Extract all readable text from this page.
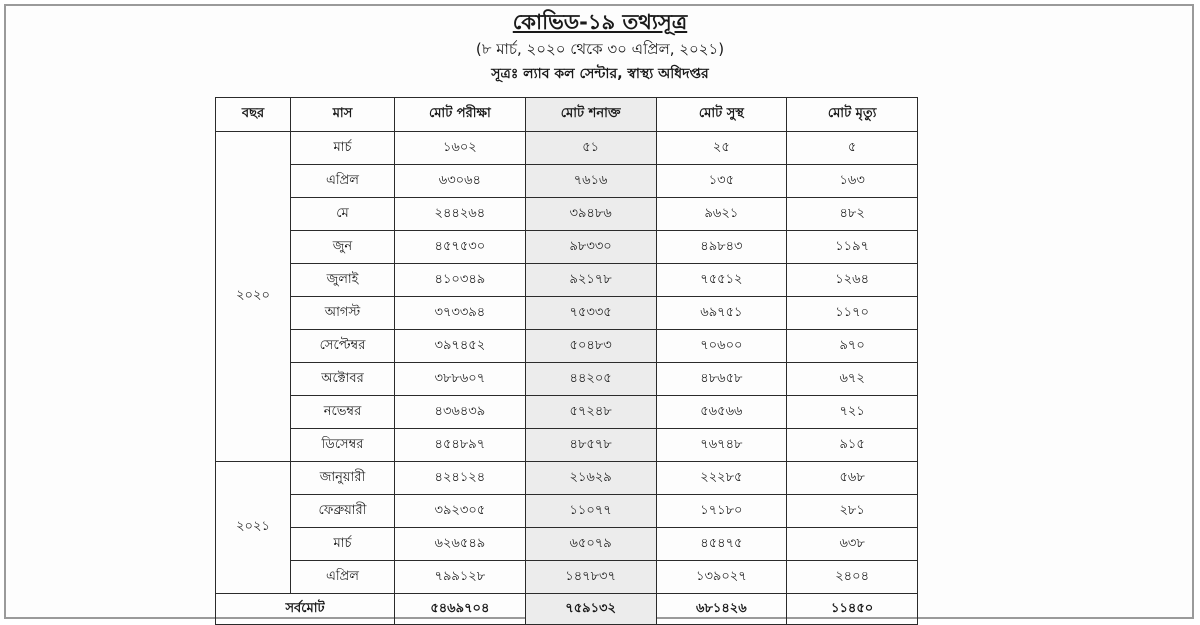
কোভিড-১৯ তথ্যসূত্র
(৮ মার্চ, ২০২০ থেকে ৩০ এপ্রিল, ২০২১)
সূত্রঃ ল্যাব কল সেন্টার, স্বাস্থ্য অধিদপ্তর
বছর	মাস	মোট পরীক্ষা	মোট শনাক্ত	মোট সুস্থ	মোট মৃত্যু
২০২০	মার্চ	১৬০২	৫১	২৫	৫
	এপ্রিল	৬৩০৬৪	৭৬১৬	১৩৫	১৬৩
	মে	২৪৪২৬৪	৩৯৪৮৬	৯৬২১	৪৮২
	জুন	৪৫৭৫৩০	৯৮৩৩০	৪৯৮৪৩	১১৯৭
	জুলাই	৪১০৩৪৯	৯২১৭৮	৭৫৫১২	১২৬৪
	আগস্ট	৩৭৩৩৯৪	৭৫৩৩৫	৬৯৭৫১	১১৭০
	সেপ্টেম্বর	৩৯৭৪৫২	৫০৪৮৩	৭০৬০০	৯৭০
	অক্টোবর	৩৮৮৬০৭	৪৪২০৫	৪৮৬৫৮	৬৭২
	নভেম্বর	৪৩৬৪৩৯	৫৭২৪৮	৫৬৫৬৬	৭২১
	ডিসেম্বর	৪৫৪৮৯৭	৪৮৫৭৮	৭৬৭৪৮	৯১৫
২০২১	জানুয়ারী	৪২৪১২৪	২১৬২৯	২২২৮৫	৫৬৮
	ফেব্রুয়ারী	৩৯২৩০৫	১১০৭৭	১৭১৮০	২৮১
	মার্চ	৬২৬৫৪৯	৬৫০৭৯	৪৫৪৭৫	৬৩৮
	এপ্রিল	৭৯৯১২৮	১৪৭৮৩৭	১৩৯০২৭	২৪০৪
সর্বমোট		৫৪৬৯৭০৪	৭৫৯১৩২	৬৮১৪২৬	১১৪৫০
